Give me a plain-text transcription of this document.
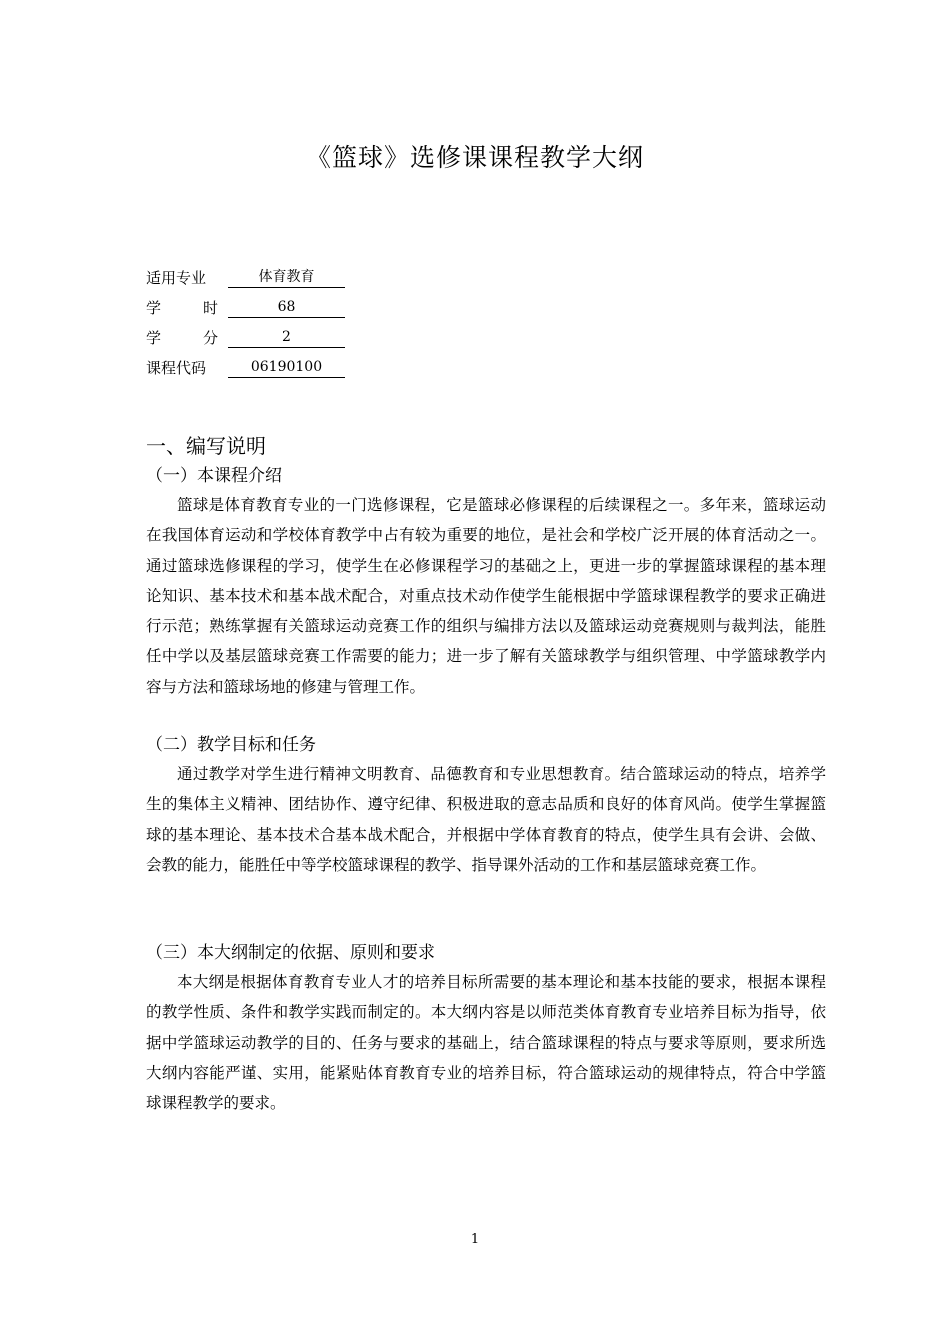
《篮球》选修课课程教学大纲
适用专业	体育教育
学	时	68
学	分	2
课程代码	06190100
一、编写说明
（一）本课程介绍

篮球是体育教育专业的一门选修课程，它是篮球必修课程的后续课程之一。多年来，篮球运动在我国体育运动和学校体育教学中占有较为重要的地位，是社会和学校广泛开展的体育活动之一。通过篮球选修课程的学习，使学生在必修课程学习的基础之上，更进一步的掌握篮球课程的基本理论知识、基本技术和基本战术配合，对重点技术动作使学生能根据中学篮球课程教学的要求正确进行示范；熟练掌握有关篮球运动竞赛工作的组织与编排方法以及篮球运动竞赛规则与裁判法，能胜任中学以及基层篮球竞赛工作需要的能力；进一步了解有关篮球教学与组织管理、中学篮球教学内容与方法和篮球场地的修建与管理工作。

（二）教学目标和任务

通过教学对学生进行精神文明教育、品德教育和专业思想教育。结合篮球运动的特点，培养学生的集体主义精神、团结协作、遵守纪律、积极进取的意志品质和良好的体育风尚。使学生掌握篮球的基本理论、基本技术合基本战术配合，并根据中学体育教育的特点，使学生具有会讲、会做、会教的能力，能胜任中等学校篮球课程的教学、指导课外活动的工作和基层篮球竞赛工作。

（三）本大纲制定的依据、原则和要求

本大纲是根据体育教育专业人才的培养目标所需要的基本理论和基本技能的要求，根据本课程的教学性质、条件和教学实践而制定的。本大纲内容是以师范类体育教育专业培养目标为指导，依据中学篮球运动教学的目的、任务与要求的基础上，结合篮球课程的特点与要求等原则，要求所选大纲内容能严谨、实用，能紧贴体育教育专业的培养目标，符合篮球运动的规律特点，符合中学篮球课程教学的要求。

1
